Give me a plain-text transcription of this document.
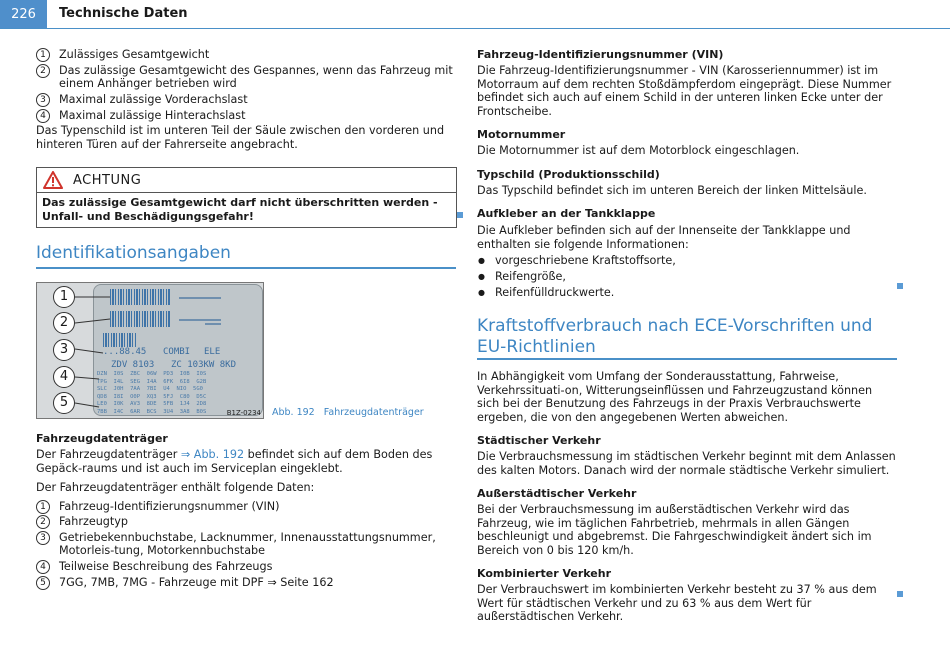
226	Technische Daten
1	Zulässiges Gesamtgewicht
2	Das zulässige Gesamtgewicht des Gespannes, wenn das Fahrzeug mit einem Anhänger betrieben wird
3	Maximal zulässige Vorderachslast
4	Maximal zulässige Hinterachslast

Das Typenschild ist im unteren Teil der Säule zwischen den vorderen und hinteren Türen auf der Fahrerseite angebracht.

ACHTUNG
Das zulässige Gesamtgewicht darf nicht überschritten werden - Unfall- und Beschädigungsgefahr!
Identifikationsangaben
...88.45 COMBI ELE
ZDV 8103 ZC 103KW 8KD
DZN  I0S  ZBC  06W  PD3  I0B  I0S
TPG  I4L  SEG  I4A  6FK  6I8  G2B
SLC  J0H  7AA  7BI  U4  NIO  5G0
QD8  I8I  O0P  XQ3  5FJ  C80  D5C
LE0  I0K  AV3  8DE  5FB  1J4  2D8
7BB  I4C  6AR  BCS  3U4  3A8  B0S
1
2
3
4
5
B1Z-0234 Abb. 192 Fahrzeugdatenträger
Fahrzeugdatenträger

Der Fahrzeugdatenträger ⇒ Abb. 192 befindet sich auf dem Boden des Gepäck-raums und ist auch im Serviceplan eingeklebt.

Der Fahrzeugdatenträger enthält folgende Daten:

1	Fahrzeug-Identifizierungsnummer (VIN)
2	Fahrzeugtyp
3	Getriebekennbuchstabe, Lacknummer, Innenausstattungsnummer, Motorleis-tung, Motorkennbuchstabe
4	Teilweise Beschreibung des Fahrzeugs
5	7GG, 7MB, 7MG - Fahrzeuge mit DPF ⇒ Seite 162
Fahrzeug-Identifizierungsnummer (VIN)

Die Fahrzeug-Identifizierungsnummer - VIN (Karosseriennummer) ist im Motorraum auf dem rechten Stoßdämpferdom eingeprägt. Diese Nummer befindet sich auch auf einem Schild in der unteren linken Ecke unter der Frontscheibe.

Motornummer

Die Motornummer ist auf dem Motorblock eingeschlagen.

Typschild (Produktionsschild)

Das Typschild befindet sich im unteren Bereich der linken Mittelsäule.

Aufkleber an der Tankklappe

Die Aufkleber befinden sich auf der Innenseite der Tankklappe und enthalten sie folgende Informationen:

● vorgeschriebene Kraftstoffsorte,
● Reifengröße,
● Reifenfülldruckwerte.
Kraftstoffverbrauch nach ECE-Vorschriften und EU-Richtlinien

In Abhängigkeit vom Umfang der Sonderausstattung, Fahrweise, Verkehrssituati-on, Witterungseinflüssen und Fahrzeugzustand können sich bei der Benutzung des Fahrzeugs in der Praxis Verbrauchswerte ergeben, die von den angegebenen Werten abweichen.

Städtischer Verkehr

Die Verbrauchsmessung im städtischen Verkehr beginnt mit dem Anlassen des kalten Motors. Danach wird der normale städtische Verkehr simuliert.

Außerstädtischer Verkehr

Bei der Verbrauchsmessung im außerstädtischen Verkehr wird das Fahrzeug, wie im täglichen Fahrbetrieb, mehrmals in allen Gängen beschleunigt und abgebremst. Die Fahrgeschwindigkeit ändert sich im Bereich von 0 bis 120 km/h.

Kombinierter Verkehr

Der Verbrauchswert im kombinierten Verkehr besteht zu 37 % aus dem Wert für städtischen Verkehr und zu 63 % aus dem Wert für außerstädtischen Verkehr.
